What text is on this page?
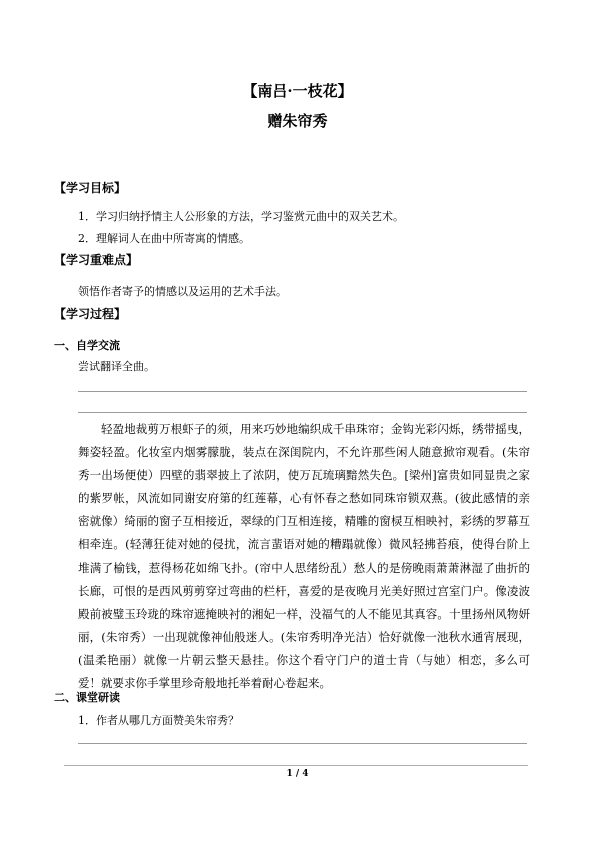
【南吕·一枝花】
赠朱帘秀
【学习目标】
1．学习归纳抒情主人公形象的方法，学习鉴赏元曲中的双关艺术。
2．理解词人在曲中所寄寓的情感。
【学习重难点】
领悟作者寄予的情感以及运用的艺术手法。
【学习过程】
一、自学交流
尝试翻译全曲。

轻盈地裁剪万根虾子的须，用来巧妙地编织成千串珠帘；金钩光彩闪烁，绣带摇曳，舞姿轻盈。化妆室内烟雾朦胧，装点在深闺院内，不允许那些闲人随意掀帘观看。(朱帘秀一出场便使）四壁的翡翠披上了浓阴，使万瓦琉璃黯然失色。[梁州]富贵如同显贵之家的紫罗帐，风流如同谢安府第的红莲幕，心有怀春之愁如同珠帘锁双燕。(彼此感情的亲密就像）绮丽的窗子互相接近，翠绿的门互相连接，精雕的窗棂互相映衬，彩绣的罗幕互相牵连。(轻薄狂徒对她的侵扰，流言蜚语对她的糟蹋就像）微风轻拂苔痕，使得台阶上堆满了榆钱，惹得杨花如绵飞扑。(帘中人思绪纷乱）愁人的是傍晚雨萧萧淋湿了曲折的长廊，可恨的是西风剪剪穿过弯曲的栏杆，喜爱的是夜晚月光美好照过宫室门户。像凌波殿前被璧玉玲珑的珠帘遮掩映衬的湘妃一样，没福气的人不能见其真容。十里扬州风物妍丽，(朱帘秀）一出现就像神仙般迷人。(朱帘秀明净光洁）恰好就像一池秋水通宵展现，(温柔艳丽）就像一片朝云整天悬挂。你这个看守门户的道士肯（与她）相恋，多么可爱！就要求你手掌里珍奇般地托举着耐心卷起来。

二、课堂研读
1．作者从哪几方面赞美朱帘秀？
1 / 4
